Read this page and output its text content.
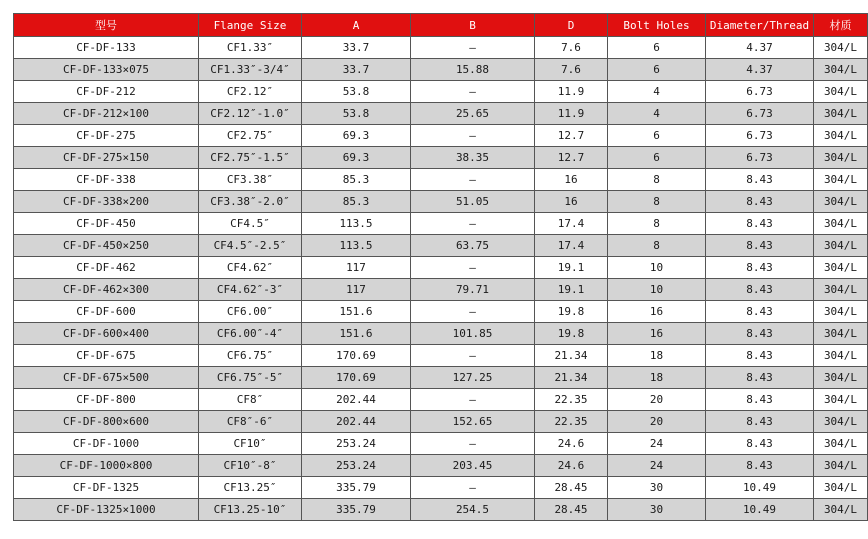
型号	Flange Size	A	B	D	Bolt Holes	Diameter/Thread	材质
CF-DF-133	CF1.33″	33.7	—	7.6	6	4.37	304/L
CF-DF-133×075	CF1.33″-3/4″	33.7	15.88	7.6	6	4.37	304/L
CF-DF-212	CF2.12″	53.8	—	11.9	4	6.73	304/L
CF-DF-212×100	CF2.12″-1.0″	53.8	25.65	11.9	4	6.73	304/L
CF-DF-275	CF2.75″	69.3	—	12.7	6	6.73	304/L
CF-DF-275×150	CF2.75″-1.5″	69.3	38.35	12.7	6	6.73	304/L
CF-DF-338	CF3.38″	85.3	—	16	8	8.43	304/L
CF-DF-338×200	CF3.38″-2.0″	85.3	51.05	16	8	8.43	304/L
CF-DF-450	CF4.5″	113.5	—	17.4	8	8.43	304/L
CF-DF-450×250	CF4.5″-2.5″	113.5	63.75	17.4	8	8.43	304/L
CF-DF-462	CF4.62″	117	—	19.1	10	8.43	304/L
CF-DF-462×300	CF4.62″-3″	117	79.71	19.1	10	8.43	304/L
CF-DF-600	CF6.00″	151.6	—	19.8	16	8.43	304/L
CF-DF-600×400	CF6.00″-4″	151.6	101.85	19.8	16	8.43	304/L
CF-DF-675	CF6.75″	170.69	—	21.34	18	8.43	304/L
CF-DF-675×500	CF6.75″-5″	170.69	127.25	21.34	18	8.43	304/L
CF-DF-800	CF8″	202.44	—	22.35	20	8.43	304/L
CF-DF-800×600	CF8″-6″	202.44	152.65	22.35	20	8.43	304/L
CF-DF-1000	CF10″	253.24	—	24.6	24	8.43	304/L
CF-DF-1000×800	CF10″-8″	253.24	203.45	24.6	24	8.43	304/L
CF-DF-1325	CF13.25″	335.79	—	28.45	30	10.49	304/L
CF-DF-1325×1000	CF13.25-10″	335.79	254.5	28.45	30	10.49	304/L
